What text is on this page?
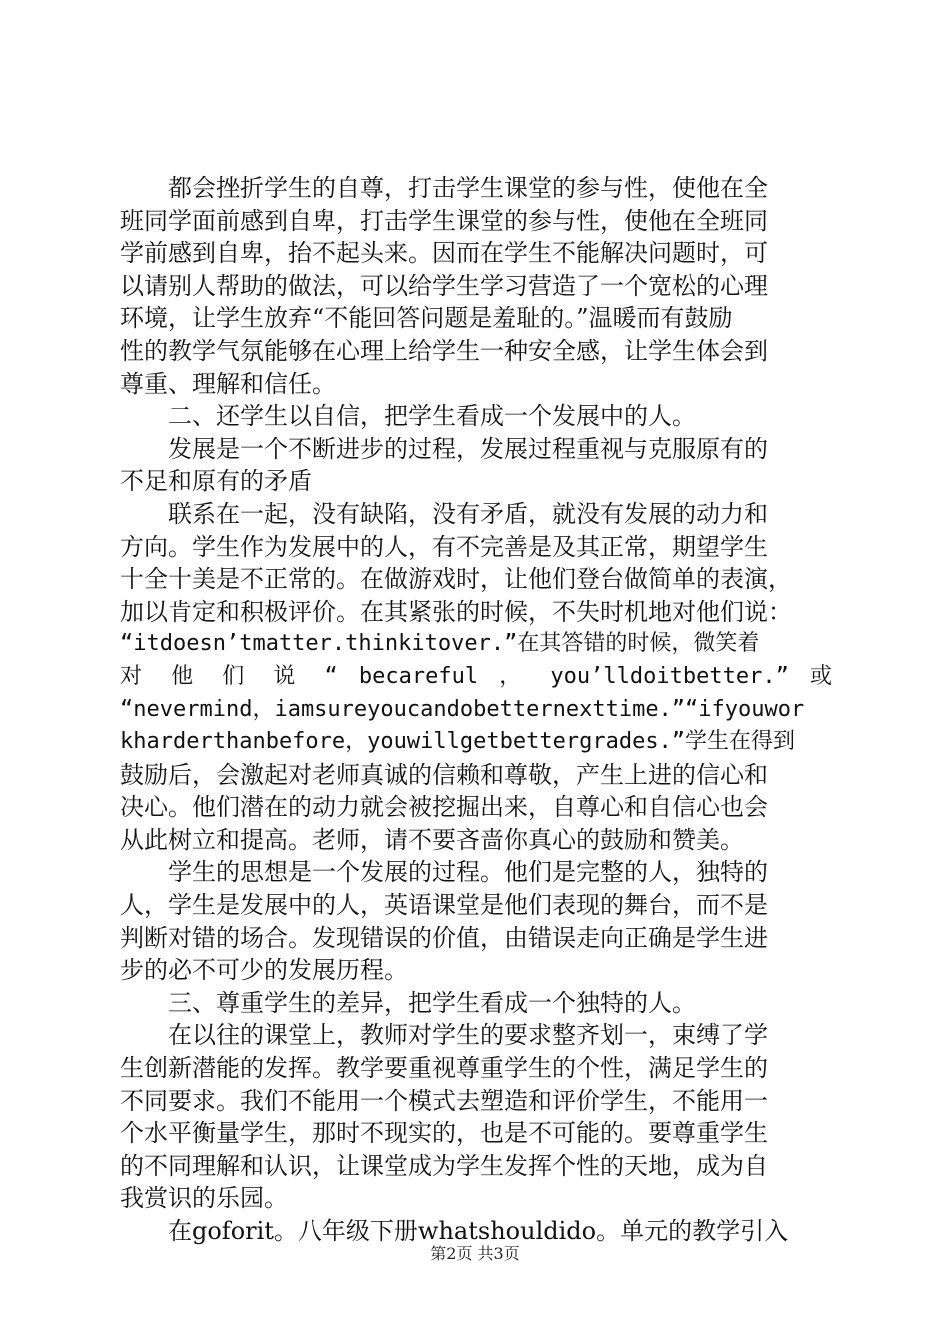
　　都会挫折学生的自尊，打击学生课堂的参与性，使他在全
班同学面前感到自卑，打击学生课堂的参与性，使他在全班同
学前感到自卑，抬不起头来。因而在学生不能解决问题时，可
以请别人帮助的做法，可以给学生学习营造了一个宽松的心理
环境，让学生放弃“不能回答问题是羞耻的。”温暖而有鼓励
性的教学气氛能够在心理上给学生一种安全感，让学生体会到
尊重、理解和信任。
　　二、还学生以自信，把学生看成一个发展中的人。
　　发展是一个不断进步的过程，发展过程重视与克服原有的
不足和原有的矛盾
　　联系在一起，没有缺陷，没有矛盾，就没有发展的动力和
方向。学生作为发展中的人，有不完善是及其正常，期望学生
十全十美是不正常的。在做游戏时，让他们登台做简单的表演，
加以肯定和积极评价。在其紧张的时候，不失时机地对他们说：
“itdoesn’tmatter.thinkitover.”在其答错的时候，微笑着
对 他 们 说 “ becareful ， you’lldoitbetter.” 或
“nevermind，iamsureyoucandobetternexttime.”“ifyouwor
kharderthanbefore，youwillgetbettergrades.”学生在得到
鼓励后，会激起对老师真诚的信赖和尊敬，产生上进的信心和
决心。他们潜在的动力就会被挖掘出来，自尊心和自信心也会
从此树立和提高。老师，请不要吝啬你真心的鼓励和赞美。
　　学生的思想是一个发展的过程。他们是完整的人，独特的
人，学生是发展中的人，英语课堂是他们表现的舞台，而不是
判断对错的场合。发现错误的价值，由错误走向正确是学生进
步的必不可少的发展历程。
　　三、尊重学生的差异，把学生看成一个独特的人。
　　在以往的课堂上，教师对学生的要求整齐划一，束缚了学
生创新潜能的发挥。教学要重视尊重学生的个性，满足学生的
不同要求。我们不能用一个模式去塑造和评价学生，不能用一
个水平衡量学生，那时不现实的，也是不可能的。要尊重学生
的不同理解和认识，让课堂成为学生发挥个性的天地，成为自
我赏识的乐园。
　　在goforit。八年级下册whatshouldido。单元的教学引入
第2页 共3页
